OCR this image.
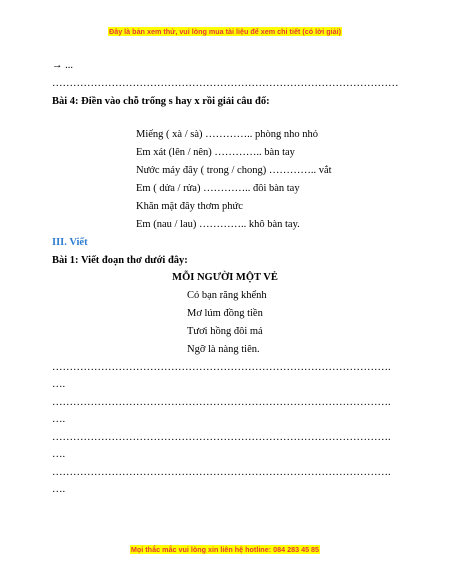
Đây là bản xem thử, vui lòng mua tài liệu để xem chi tiết (có lời giải)
→ ...
………………………………………………………………………………………
Bài 4: Điền vào chỗ trống s hay x rồi giải câu đố:
Miếng ( xà / sà) ………….. phòng nho nhỏ
Em xát (lên / nên) ………….. bàn tay
Nước máy đây ( trong / chong) ………….. vắt
Em ( dửa / rửa) ………….. đôi bàn tay
Khăn mặt đây thơm phức
Em (nau / lau) ………….. khô bàn tay.
III. Viết
Bài 1: Viết đoạn thơ dưới đây:
MỖI NGƯỜI MỘT VẺ
Có bạn răng khểnh
Mơ lúm đồng tiền
Tươi hồng đôi má
Ngỡ là nàng tiên.
…………………………………………………………………………………….
….
…………………………………………………………………………………….
….
…………………………………………………………………………………….
….
…………………………………………………………………………………….
….
Mọi thắc mắc vui lòng xin liên hệ hotline: 084 283 45 85
